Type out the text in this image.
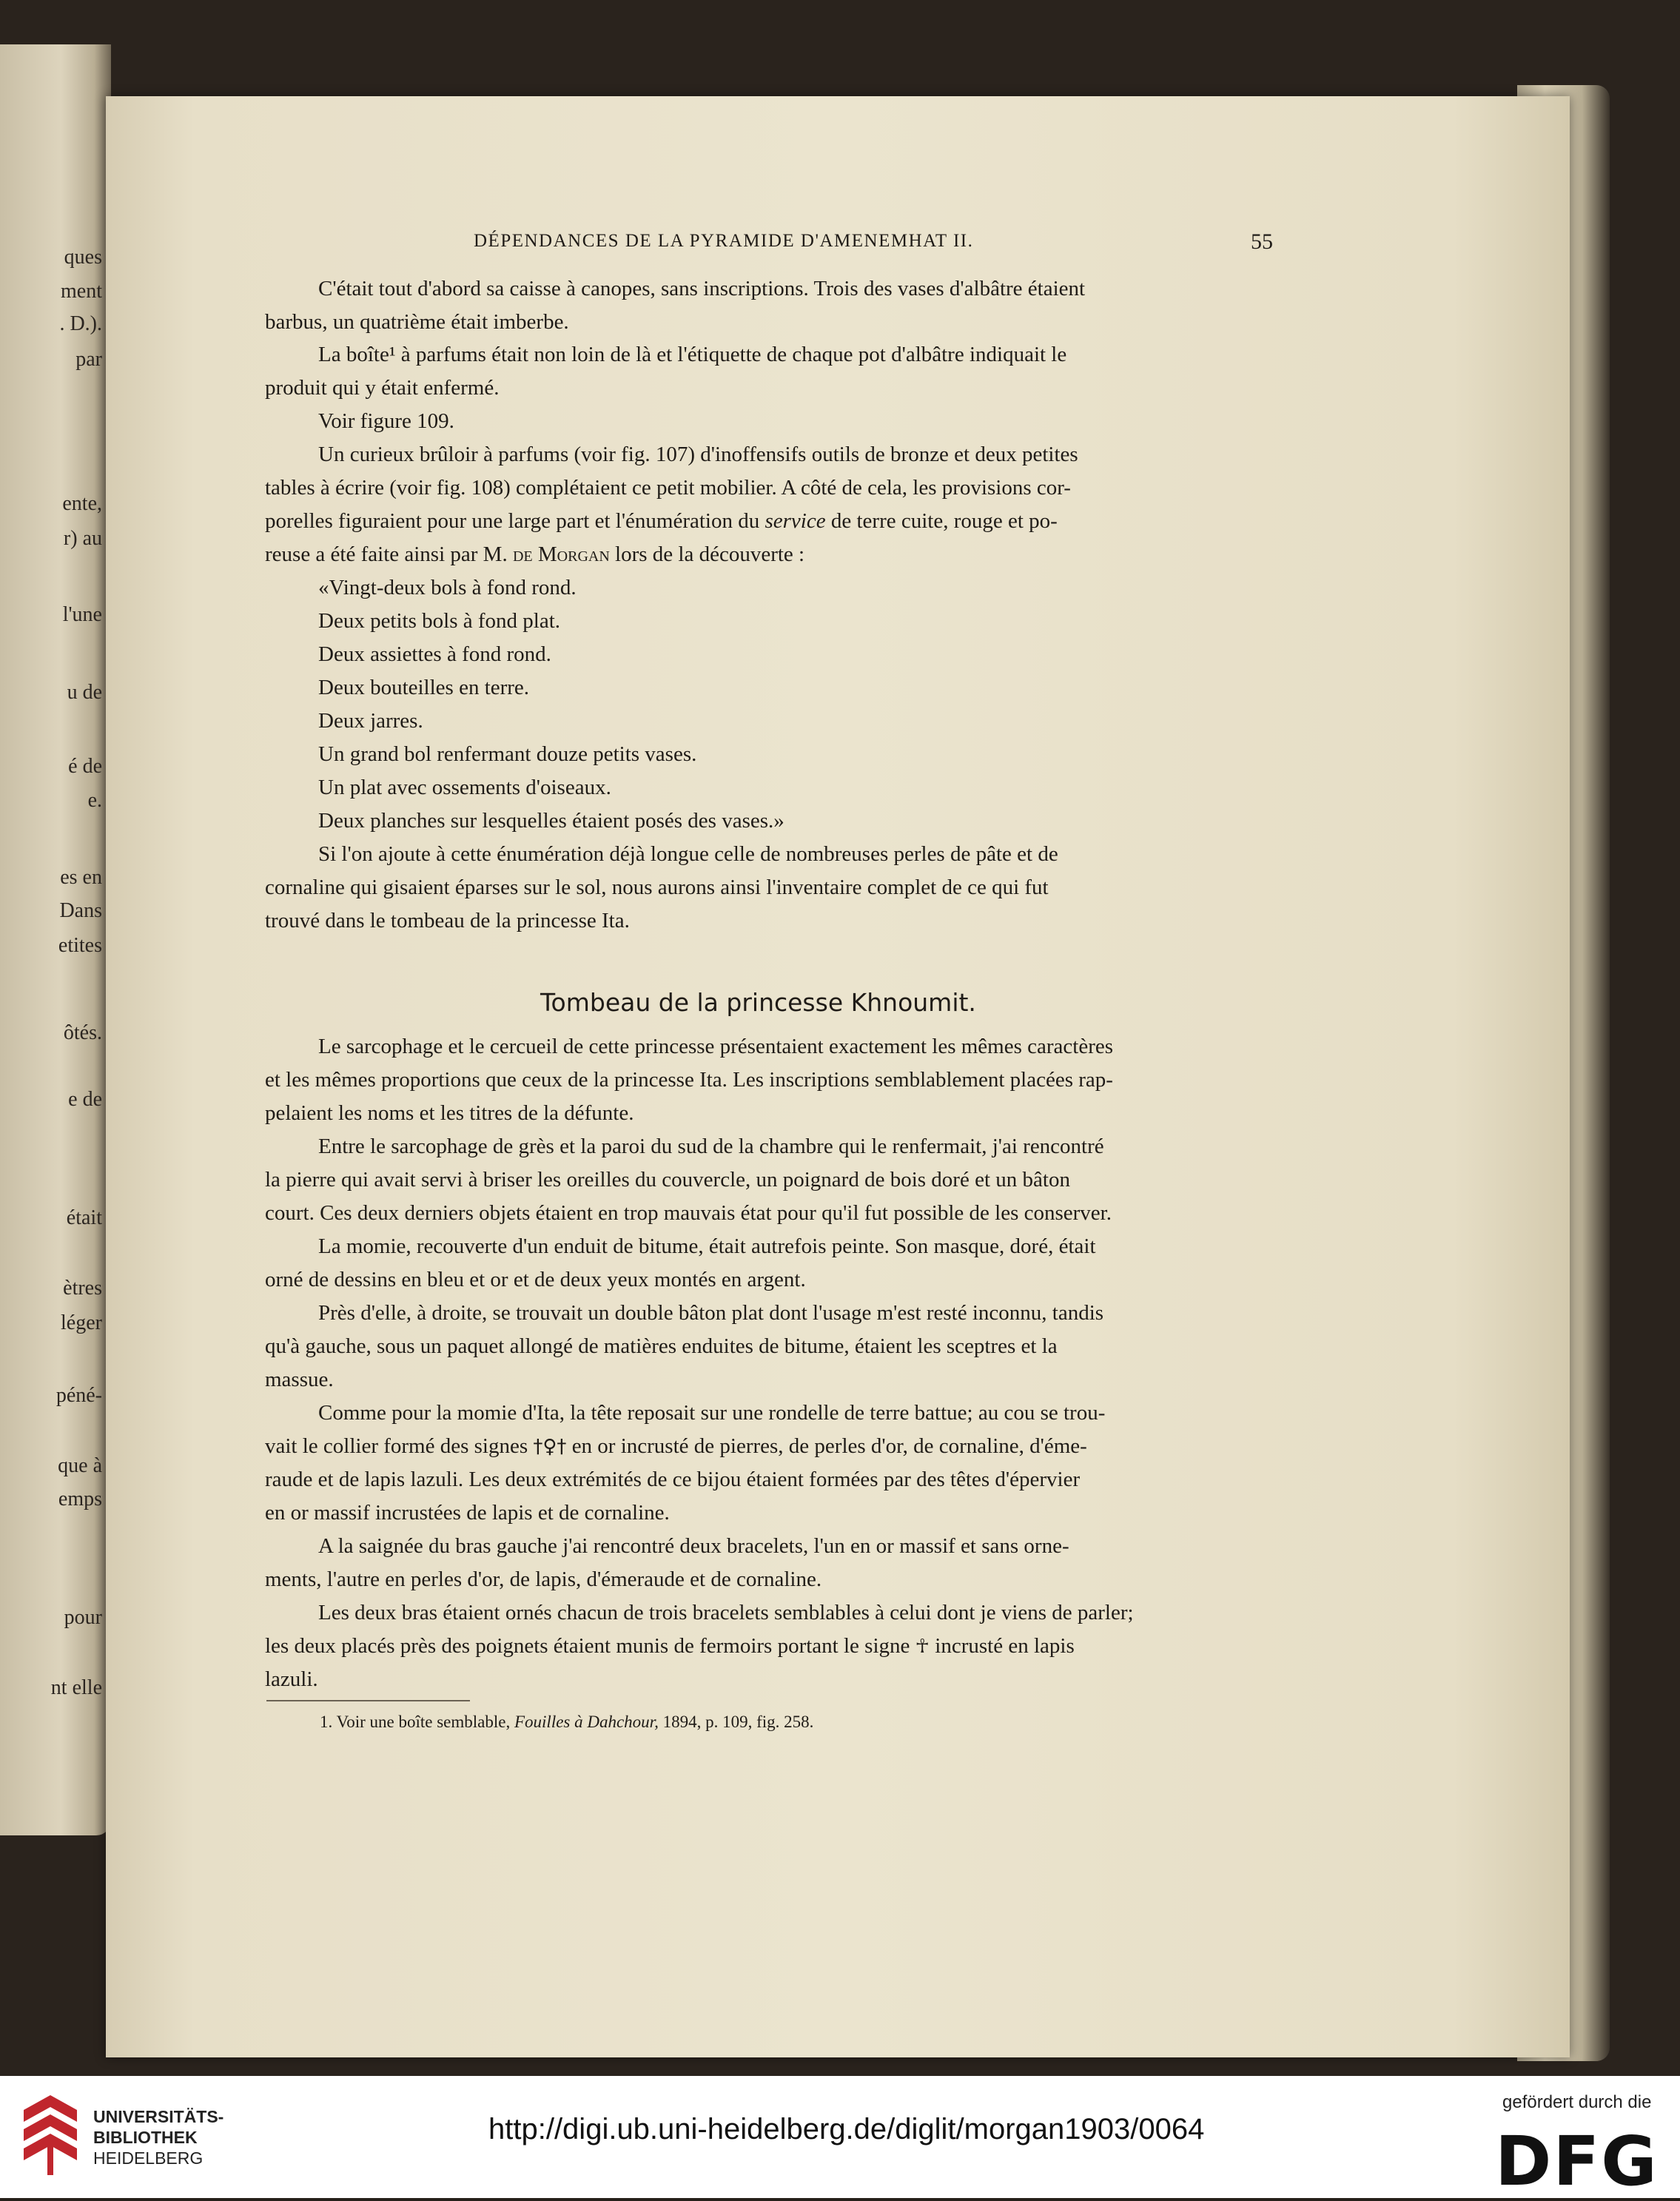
ques
ment
. D.).
par
ente,
r) au
l'une
u de
é de
e.
es en
Dans
etites
ôtés.
e de
était
ètres
léger
péné-
que à
emps
pour
nt elle
DÉPENDANCES DE LA PYRAMIDE D'AMENEMHAT II.	55
C'était tout d'abord sa caisse à canopes, sans inscriptions. Trois des vases d'albâtre étaient
barbus, un quatrième était imberbe.
La boîte¹ à parfums était non loin de là et l'étiquette de chaque pot d'albâtre indiquait le
produit qui y était enfermé.
Voir figure 109.
Un curieux brûloir à parfums (voir fig. 107) d'inoffensifs outils de bronze et deux petites
tables à écrire (voir fig. 108) complétaient ce petit mobilier. A côté de cela, les provisions cor-
porelles figuraient pour une large part et l'énumération du service de terre cuite, rouge et po-
reuse a été faite ainsi par M. de Morgan lors de la découverte :
«Vingt-deux bols à fond rond.
Deux petits bols à fond plat.
Deux assiettes à fond rond.
Deux bouteilles en terre.
Deux jarres.
Un grand bol renfermant douze petits vases.
Un plat avec ossements d'oiseaux.
Deux planches sur lesquelles étaient posés des vases.»
Si l'on ajoute à cette énumération déjà longue celle de nombreuses perles de pâte et de
cornaline qui gisaient éparses sur le sol, nous aurons ainsi l'inventaire complet de ce qui fut
trouvé dans le tombeau de la princesse Ita.
Tombeau de la princesse Khnoumit.
Le sarcophage et le cercueil de cette princesse présentaient exactement les mêmes caractères
et les mêmes proportions que ceux de la princesse Ita. Les inscriptions semblablement placées rap-
pelaient les noms et les titres de la défunte.
Entre le sarcophage de grès et la paroi du sud de la chambre qui le renfermait, j'ai rencontré
la pierre qui avait servi à briser les oreilles du couvercle, un poignard de bois doré et un bâton
court. Ces deux derniers objets étaient en trop mauvais état pour qu'il fut possible de les conserver.
La momie, recouverte d'un enduit de bitume, était autrefois peinte. Son masque, doré, était
orné de dessins en bleu et or et de deux yeux montés en argent.
Près d'elle, à droite, se trouvait un double bâton plat dont l'usage m'est resté inconnu, tandis
qu'à gauche, sous un paquet allongé de matières enduites de bitume, étaient les sceptres et la
massue.
Comme pour la momie d'Ita, la tête reposait sur une rondelle de terre battue; au cou se trou-
vait le collier formé des signes †♀† en or incrusté de pierres, de perles d'or, de cornaline, d'éme-
raude et de lapis lazuli. Les deux extrémités de ce bijou étaient formées par des têtes d'épervier
en or massif incrustées de lapis et de cornaline.
A la saignée du bras gauche j'ai rencontré deux bracelets, l'un en or massif et sans orne-
ments, l'autre en perles d'or, de lapis, d'émeraude et de cornaline.
Les deux bras étaient ornés chacun de trois bracelets semblables à celui dont je viens de parler;
les deux placés près des poignets étaient munis de fermoirs portant le signe ☥ incrusté en lapis
lazuli.
1. Voir une boîte semblable, Fouilles à Dahchour, 1894, p. 109, fig. 258.
UNIVERSITÄTS-
BIBLIOTHEK
HEIDELBERG
http://digi.ub.uni-heidelberg.de/diglit/morgan1903/0064
gefördert durch die
DFG
